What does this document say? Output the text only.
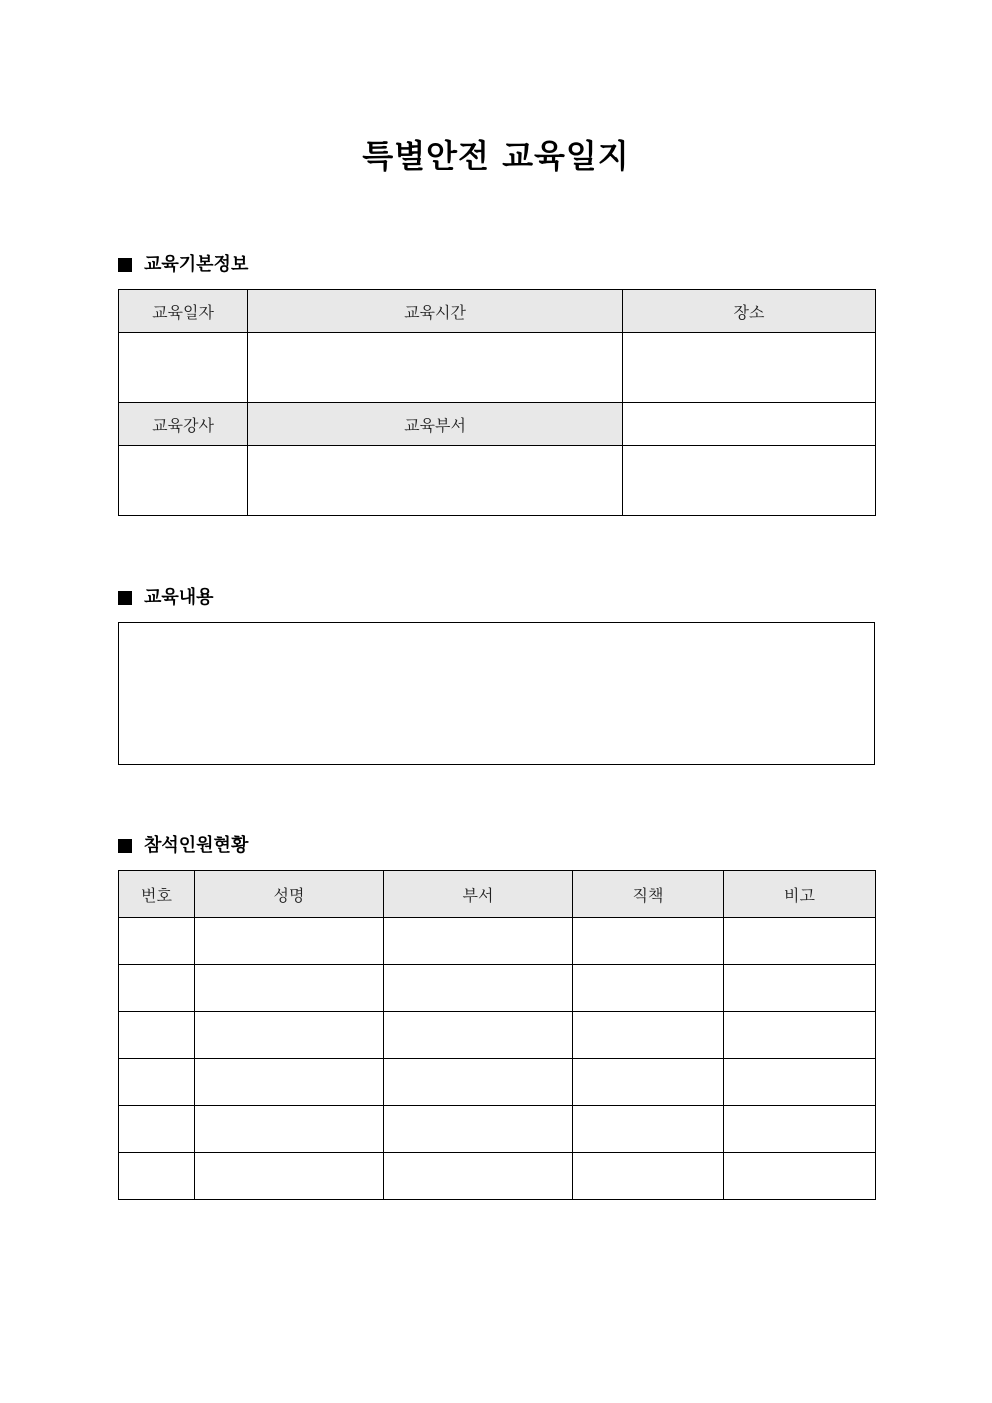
특별안전 교육일지
교육기본정보
교육일자	교육시간	장소

교육강사	교육부서	

교육내용
참석인원현황
번호	성명	부서	직책	비고
